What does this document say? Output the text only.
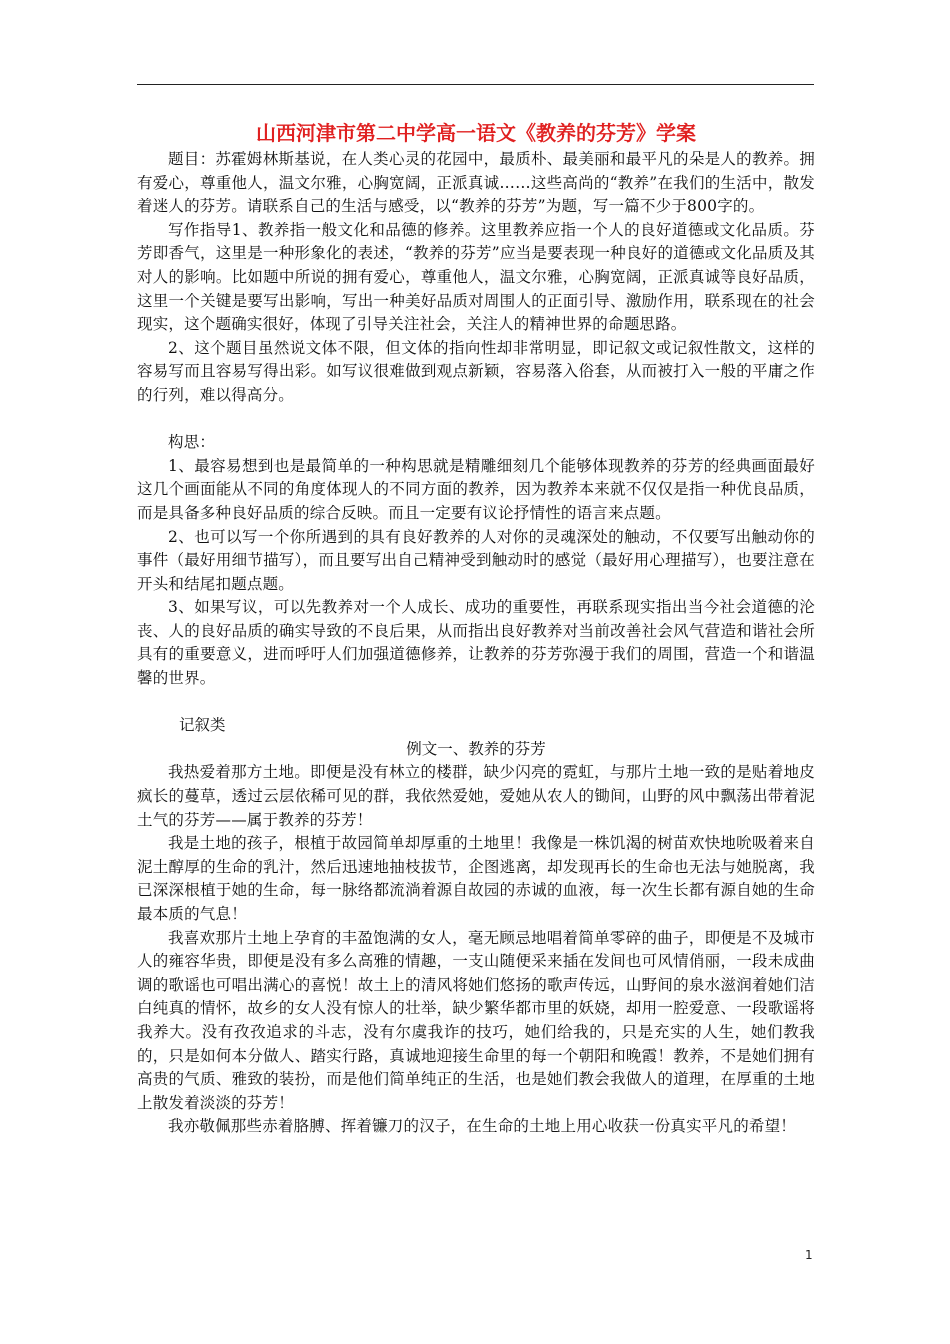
山西河津市第二中学高一语文《教养的芬芳》学案

题目：苏霍姆林斯基说，在人类心灵的花园中，最质朴、最美丽和最平凡的朵是人的教养。拥有爱心，尊重他人，温文尔雅，心胸宽阔，正派真诚……这些高尚的“教养”在我们的生活中，散发着迷人的芬芳。请联系自己的生活与感受，以“教养的芬芳”为题，写一篇不少于800字的。

写作指导1、教养指一般文化和品德的修养。这里教养应指一个人的良好道德或文化品质。芬芳即香气，这里是一种形象化的表述，“教养的芬芳”应当是要表现一种良好的道德或文化品质及其对人的影响。比如题中所说的拥有爱心，尊重他人，温文尔雅，心胸宽阔，正派真诚等良好品质，这里一个关键是要写出影响，写出一种美好品质对周围人的正面引导、激励作用，联系现在的社会现实，这个题确实很好，体现了引导关注社会，关注人的精神世界的命题思路。

2、这个题目虽然说文体不限，但文体的指向性却非常明显，即记叙文或记叙性散文，这样的容易写而且容易写得出彩。如写议很难做到观点新颖，容易落入俗套，从而被打入一般的平庸之作的行列，难以得高分。

构思：

1、最容易想到也是最简单的一种构思就是精雕细刻几个能够体现教养的芬芳的经典画面最好这几个画面能从不同的角度体现人的不同方面的教养，因为教养本来就不仅仅是指一种优良品质，而是具备多种良好品质的综合反映。而且一定要有议论抒情性的语言来点题。

2、也可以写一个你所遇到的具有良好教养的人对你的灵魂深处的触动，不仅要写出触动你的事件（最好用细节描写），而且要写出自己精神受到触动时的感觉（最好用心理描写），也要注意在开头和结尾扣题点题。

3、如果写议，可以先教养对一个人成长、成功的重要性，再联系现实指出当今社会道德的沦丧、人的良好品质的确实导致的不良后果，从而指出良好教养对当前改善社会风气营造和谐社会所具有的重要意义，进而呼吁人们加强道德修养，让教养的芬芳弥漫于我们的周围，营造一个和谐温馨的世界。

记叙类

例文一、教养的芬芳

我热爱着那方土地。即便是没有林立的楼群，缺少闪亮的霓虹，与那片土地一致的是贴着地皮疯长的蔓草，透过云层依稀可见的群，我依然爱她，爱她从农人的锄间，山野的风中飘荡出带着泥土气的芬芳——属于教养的芬芳！

我是土地的孩子，根植于故园简单却厚重的土地里！我像是一株饥渴的树苗欢快地吮吸着来自泥土醇厚的生命的乳汁，然后迅速地抽枝拔节，企图逃离，却发现再长的生命也无法与她脱离，我已深深根植于她的生命，每一脉络都流淌着源自故园的赤诚的血液，每一次生长都有源自她的生命最本质的气息！

我喜欢那片土地上孕育的丰盈饱满的女人，毫无顾忌地唱着简单零碎的曲子，即便是不及城市人的雍容华贵，即便是没有多么高雅的情趣，一支山随便采来插在发间也可风情俏丽，一段未成曲调的歌谣也可唱出满心的喜悦！故土上的清风将她们悠扬的歌声传远，山野间的泉水滋润着她们洁白纯真的情怀，故乡的女人没有惊人的壮举，缺少繁华都市里的妖娆，却用一腔爱意、一段歌谣将我养大。没有孜孜追求的斗志，没有尔虞我诈的技巧，她们给我的，只是充实的人生，她们教我的，只是如何本分做人、踏实行路，真诚地迎接生命里的每一个朝阳和晚霞！教养，不是她们拥有高贵的气质、雅致的装扮，而是他们简单纯正的生活，也是她们教会我做人的道理，在厚重的土地上散发着淡淡的芬芳！

我亦敬佩那些赤着胳膊、挥着镰刀的汉子，在生命的土地上用心收获一份真实平凡的希望！

1
